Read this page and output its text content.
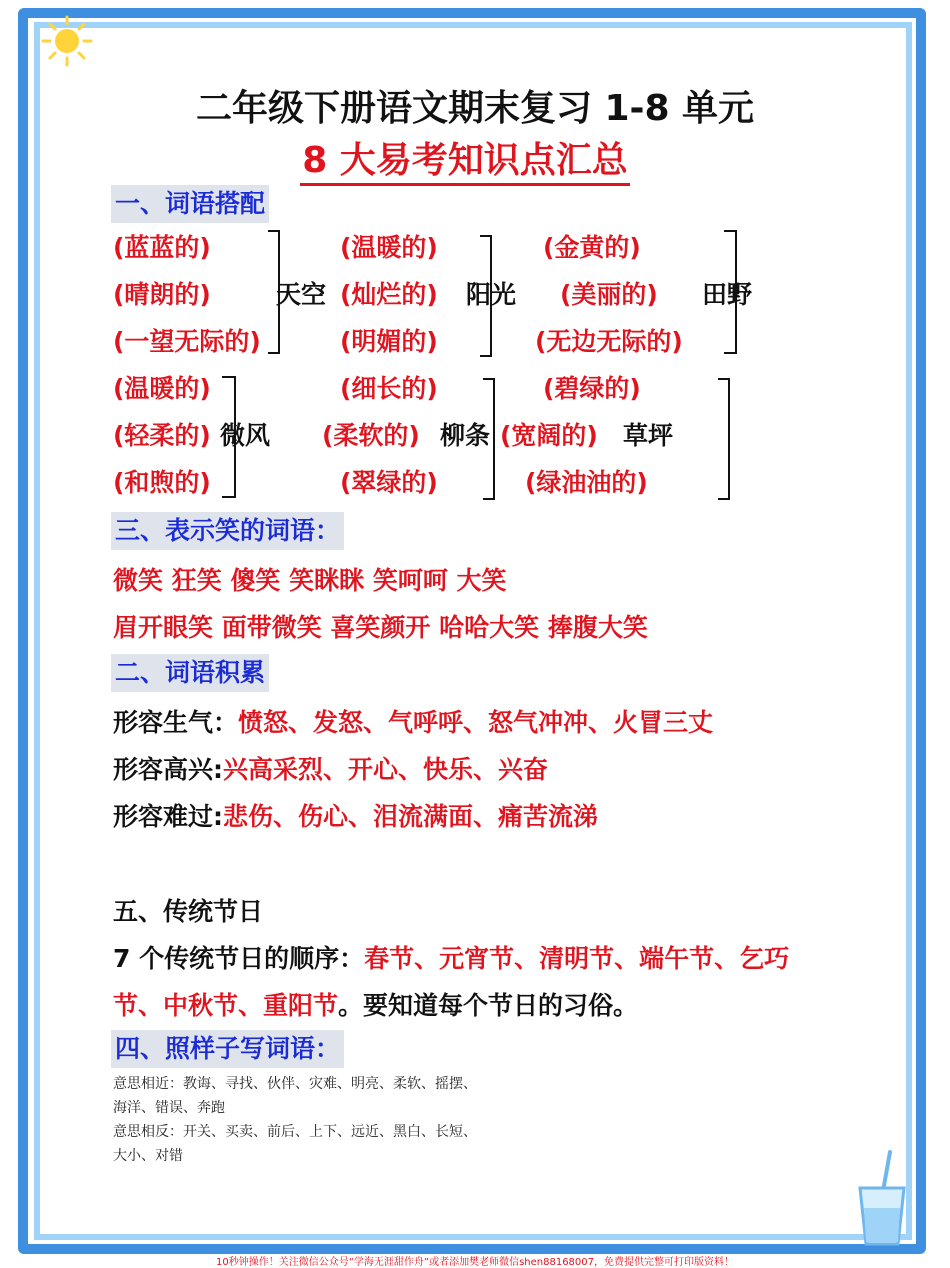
二年级下册语文期末复习 1-8 单元
8 大易考知识点汇总
一、词语搭配
(蓝蓝的)
(晴朗的)
(一望无际的)
天空
(温暖的)
(灿烂的)
(明媚的)
阳光
(金黄的)
(美丽的)
(无边无际的)
田野
(温暖的)
(轻柔的)
(和煦的)
微风
(细长的)
(柔软的)
(翠绿的)
柳条
(碧绿的)
(宽阔的)
(绿油油的)
草坪
三、表示笑的词语：
微笑 狂笑 傻笑 笑眯眯 笑呵呵 大笑
眉开眼笑 面带微笑 喜笑颜开 哈哈大笑 捧腹大笑
二、词语积累
形容生气：愤怒、发怒、气呼呼、怒气冲冲、火冒三丈
形容高兴:兴高采烈、开心、快乐、兴奋
形容难过:悲伤、伤心、泪流满面、痛苦流涕
五、传统节日
7 个传统节日的顺序：春节、元宵节、清明节、端午节、乞巧
节、中秋节、重阳节。要知道每个节日的习俗。
四、照样子写词语：
意思相近：教诲、寻找、伙伴、灾难、明亮、柔软、摇摆、
海洋、错误、奔跑
意思相反：开关、买卖、前后、上下、远近、黑白、长短、
大小、对错
10秒钟操作！关注微信公众号“学海无涯甜作舟”或者添加樊老师微信shen88168007，免费提供完整可打印版资料！
